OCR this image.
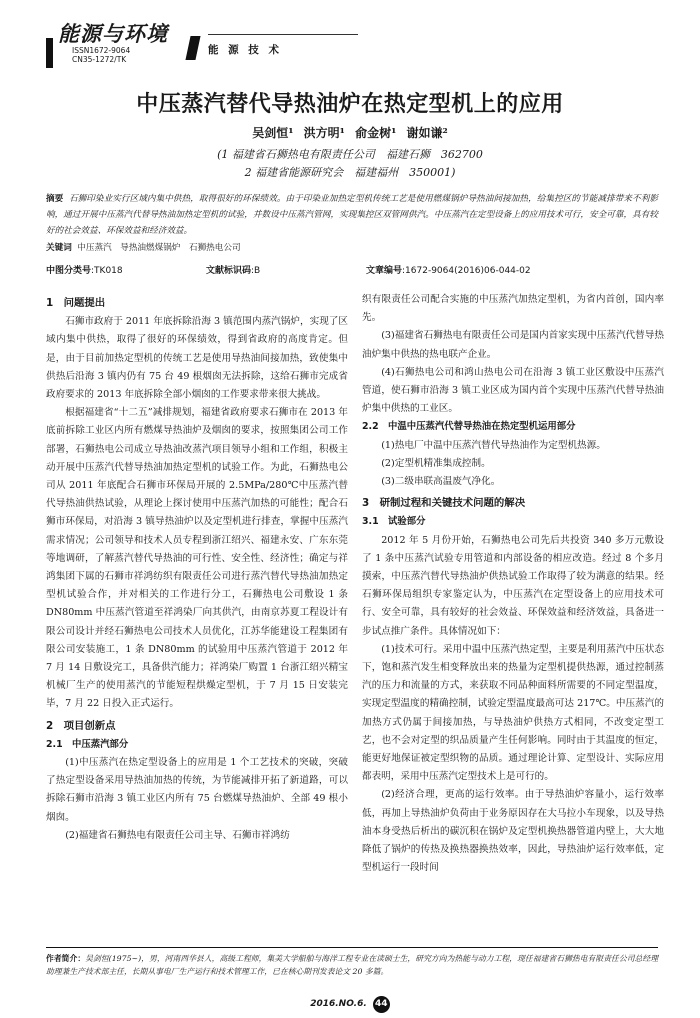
能源与环境
ISSN1672-9064
CN35-1272/TK
能 源 技 术
中压蒸汽替代导热油炉在热定型机上的应用
吴剑恒¹ 洪方明¹ 俞金树¹ 谢如谦²
(1 福建省石狮热电有限责任公司　福建石狮　362700
2 福建省能源研究会　福建福州　350001)
摘要 石狮印染业实行区域内集中供热，取得很好的环保绩效。由于印染业加热定型机传统工艺是使用燃煤锅炉导热油间接加热，给集控区的节能减排带来不利影响，通过开展中压蒸汽代替导热油加热定型机的试验，并数设中压蒸汽管网，实现集控区双管网供汽。中压蒸汽在定型设备上的应用技术可行，安全可靠，具有较好的社会效益、环保效益和经济效益。
关键词 中压蒸汽　导热油燃煤锅炉　石狮热电公司
中图分类号:TK018	文献标识码:B	文章编号:1672-9064(2016)06-044-02

1　问题提出

石狮市政府于 2011 年底拆除沿海 3 镇范围内蒸汽锅炉，实现了区域内集中供热，取得了很好的环保绩效，得到省政府的高度肯定。但是，由于目前加热定型机的传统工艺是使用导热油间接加热，致使集中供热后沿海 3 镇内仍有 75 台 49 根烟囱无法拆除，这给石狮市完成省政府要求的 2013 年底拆除全部小烟囱的工作要求带来很大挑战。

根据福建省“十二五”减排规划，福建省政府要求石狮市在 2013 年底前拆除工业区内所有燃煤导热油炉及烟囱的要求，按照集团公司工作部署，石狮热电公司成立导热油改蒸汽项目领导小组和工作组，积极主动开展中压蒸汽代替导热油加热定型机的试验工作。为此，石狮热电公司从 2011 年底配合石狮市环保局开展的 2.5MPa/280℃中压蒸汽替代导热油供热试验，从理论上探讨使用中压蒸汽加热的可能性；配合石狮市环保局，对沿海 3 镇导热油炉以及定型机进行排查，掌握中压蒸汽需求情况；公司领导和技术人员专程到浙江绍兴、福建永安、广东东莞等地调研，了解蒸汽替代导热油的可行性、安全性、经济性；确定与祥鸿集团下属的石狮市祥鸿纺织有限责任公司进行蒸汽替代导热油加热定型机试验合作，并对相关的工作进行分工，石狮热电公司敷设 1 条 DN80mm 中压蒸汽管道至祥鸿染厂向其供汽，由南京苏夏工程设计有限公司设计并经石狮热电公司技术人员优化，江苏华能建设工程集团有限公司安装施工，1 条 DN80mm 的试验用中压蒸汽管道于 2012 年 7 月 14 日敷设完工，具备供汽能力；祥鸿染厂购置 1 台浙江绍兴精宝机械厂生产的使用蒸汽的节能短程烘燥定型机，于 7 月 15 日安装完毕，7 月 22 日投入正式运行。

2　项目创新点

2.1　中压蒸汽部分

(1)中压蒸汽在热定型设备上的应用是 1 个工艺技术的突破，突破了热定型设备采用导热油加热的传统，为节能减排开拓了新道路，可以拆除石狮市沿海 3 镇工业区内所有 75 台燃煤导热油炉、全部 49 根小烟囱。

(2)福建省石狮热电有限责任公司主导、石狮市祥鸿纺

织有限责任公司配合实施的中压蒸汽加热定型机，为省内首创，国内率先。

(3)福建省石狮热电有限责任公司是国内首家实现中压蒸汽代替导热油炉集中供热的热电联产企业。

(4)石狮热电公司和鸿山热电公司在沿海 3 镇工业区敷设中压蒸汽管道，使石狮市沿海 3 镇工业区成为国内首个实现中压蒸汽代替导热油炉集中供热的工业区。

2.2　中温中压蒸汽代替导热油在热定型机运用部分

(1)热电厂中温中压蒸汽替代导热油作为定型机热源。

(2)定型机精准集成控制。

(3)二级串联高温废气净化。

3　研制过程和关键技术问题的解决

3.1　试验部分

2012 年 5 月份开始，石狮热电公司先后共投资 340 多万元敷设了 1 条中压蒸汽试验专用管道和内部设备的相应改造。经过 8 个多月摸索，中压蒸汽替代导热油炉供热试验工作取得了较为满意的结果。经石狮环保局组织专家鉴定认为，中压蒸汽在定型设备上的应用技术可行、安全可靠，具有较好的社会效益、环保效益和经济效益，具备进一步试点推广条件。具体情况如下：

(1)技术可行。采用中温中压蒸汽热定型，主要是利用蒸汽中压状态下，饱和蒸汽发生相变释放出来的热量为定型机提供热源，通过控制蒸汽的压力和流量的方式，来获取不同品种面料所需要的不同定型温度，实现定型温度的精确控制，试验定型温度最高可达 217℃。中压蒸汽的加热方式仍属于间接加热，与导热油炉供热方式相同，不改变定型工艺，也不会对定型的织品质量产生任何影响。同时由于其温度的恒定，能更好地保证被定型织物的品质。通过理论计算、定型设计、实际应用都表明，采用中压蒸汽定型技术上是可行的。

(2)经济合理，更高的运行效率。由于导热油炉容量小，运行效率低，再加上导热油炉负荷由于业务原因存在大马拉小车现象，以及导热油本身受热后析出的碳沉积在锅炉及定型机换热器管道内壁上，大大地降低了锅炉的传热及换热器换热效率，因此，导热油炉运行效率低，定型机运行一段时间

作者简介：吴剑恒(1975~)，男，河南西华县人，高级工程师，集美大学船舶与海洋工程专业在读硕士生，研究方向为热能与动力工程，现任福建省石狮热电有限责任公司总经理助理兼生产技术部主任，长期从事电厂生产运行和技术管理工作，已在核心期刊发表论文 20 多篇。
2016.NO.6. 44
